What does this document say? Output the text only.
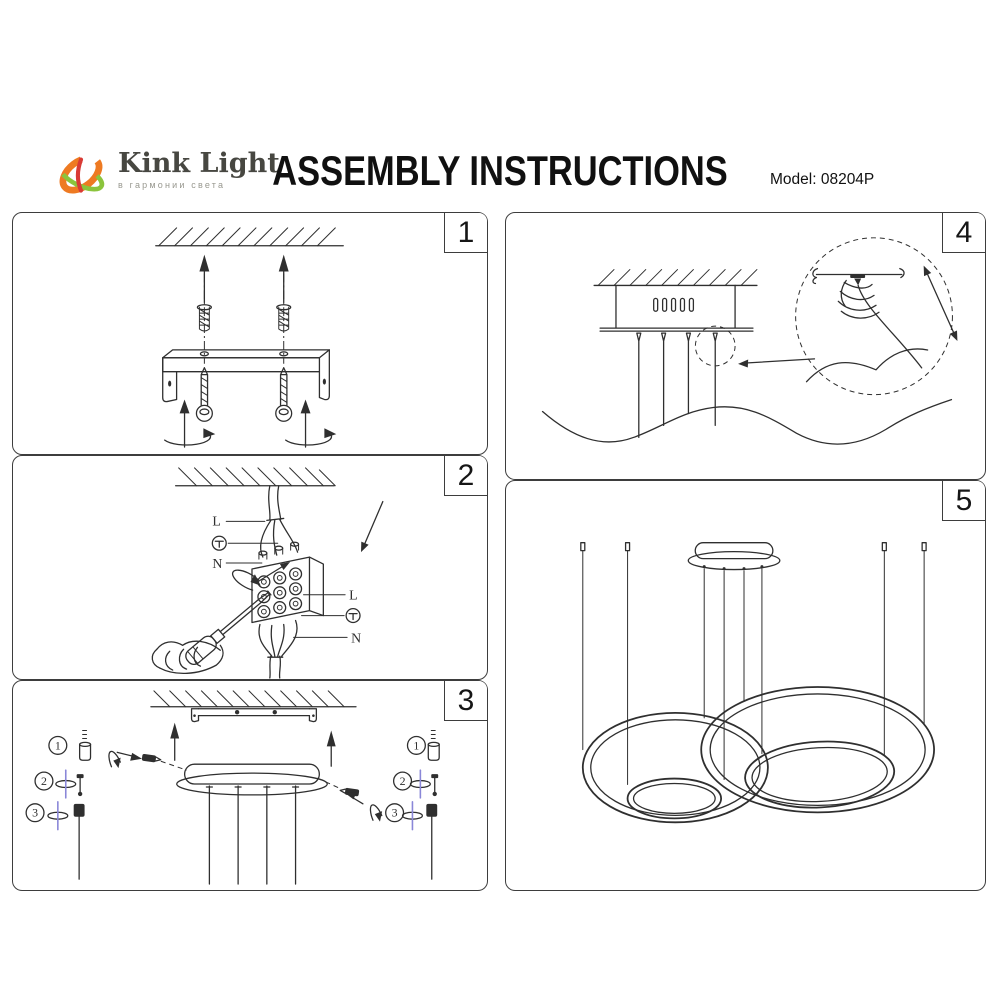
Kink Light
в гармонии света	ASSEMBLY INSTRUCTIONS	Model: 08204P
1
L
N
L
N
2
1
2
3
1
2
3
3
4
5
